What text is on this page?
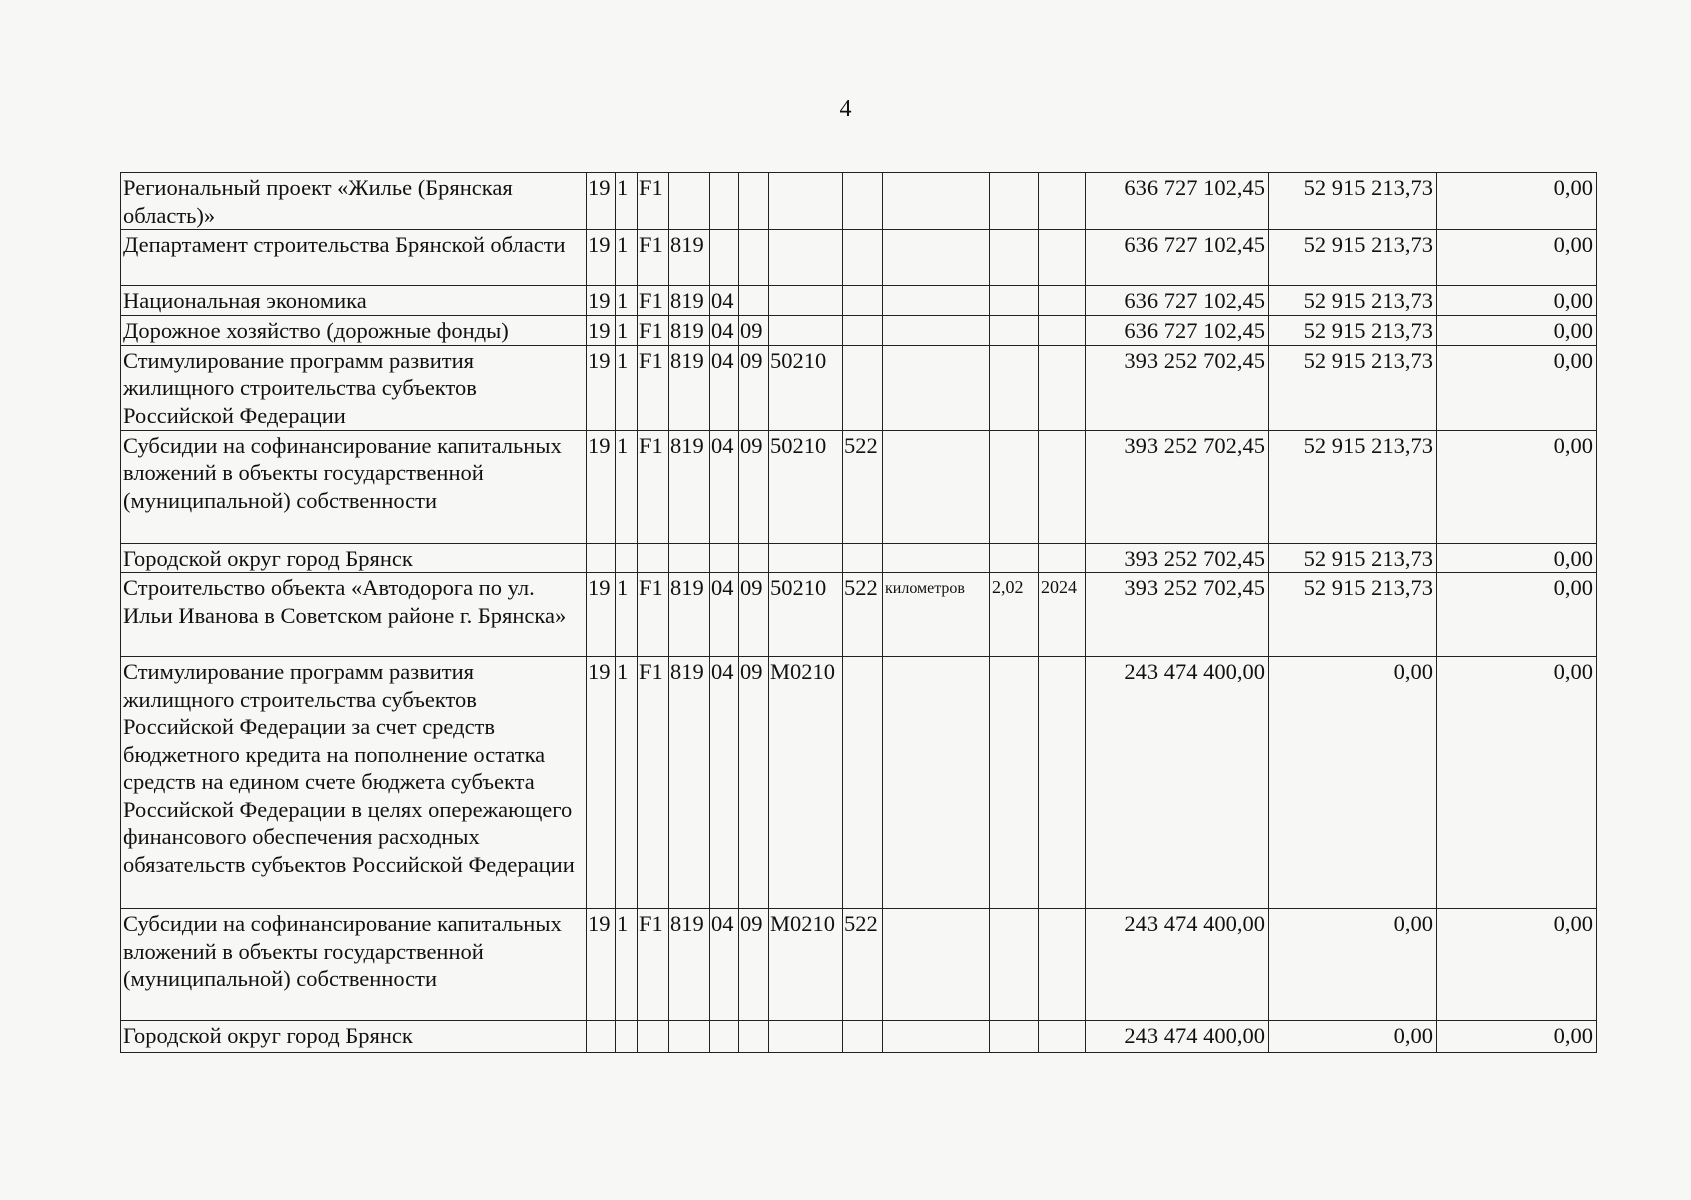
4
Региональный проект «Жилье (Брянская область)»	19	1	F1									636 727 102,45	52 915 213,73	0,00
Департамент строительства Брянской области	19	1	F1	819								636 727 102,45	52 915 213,73	0,00
Национальная экономика	19	1	F1	819	04							636 727 102,45	52 915 213,73	0,00
Дорожное хозяйство (дорожные фонды)	19	1	F1	819	04	09						636 727 102,45	52 915 213,73	0,00
Стимулирование программ развития жилищного строительства субъектов Российской Федерации	19	1	F1	819	04	09	50210					393 252 702,45	52 915 213,73	0,00
Субсидии на софинансирование капитальных вложений в объекты государственной (муниципальной) собственности	19	1	F1	819	04	09	50210	522				393 252 702,45	52 915 213,73	0,00
Городской округ город Брянск												393 252 702,45	52 915 213,73	0,00
Строительство объекта «Автодорога по ул. Ильи Иванова в Советском районе г. Брянска»	19	1	F1	819	04	09	50210	522	километров	2,02	2024	393 252 702,45	52 915 213,73	0,00
Стимулирование программ развития жилищного строительства субъектов Российской Федерации за счет средств бюджетного кредита на пополнение остатка средств на едином счете бюджета субъекта Российской Федерации в целях опережающего финансового обеспечения расходных обязательств субъектов Российской Федерации	19	1	F1	819	04	09	M0210					243 474 400,00	0,00	0,00
Субсидии на софинансирование капитальных вложений в объекты государственной (муниципальной) собственности	19	1	F1	819	04	09	M0210	522				243 474 400,00	0,00	0,00
Городской округ город Брянск												243 474 400,00	0,00	0,00
